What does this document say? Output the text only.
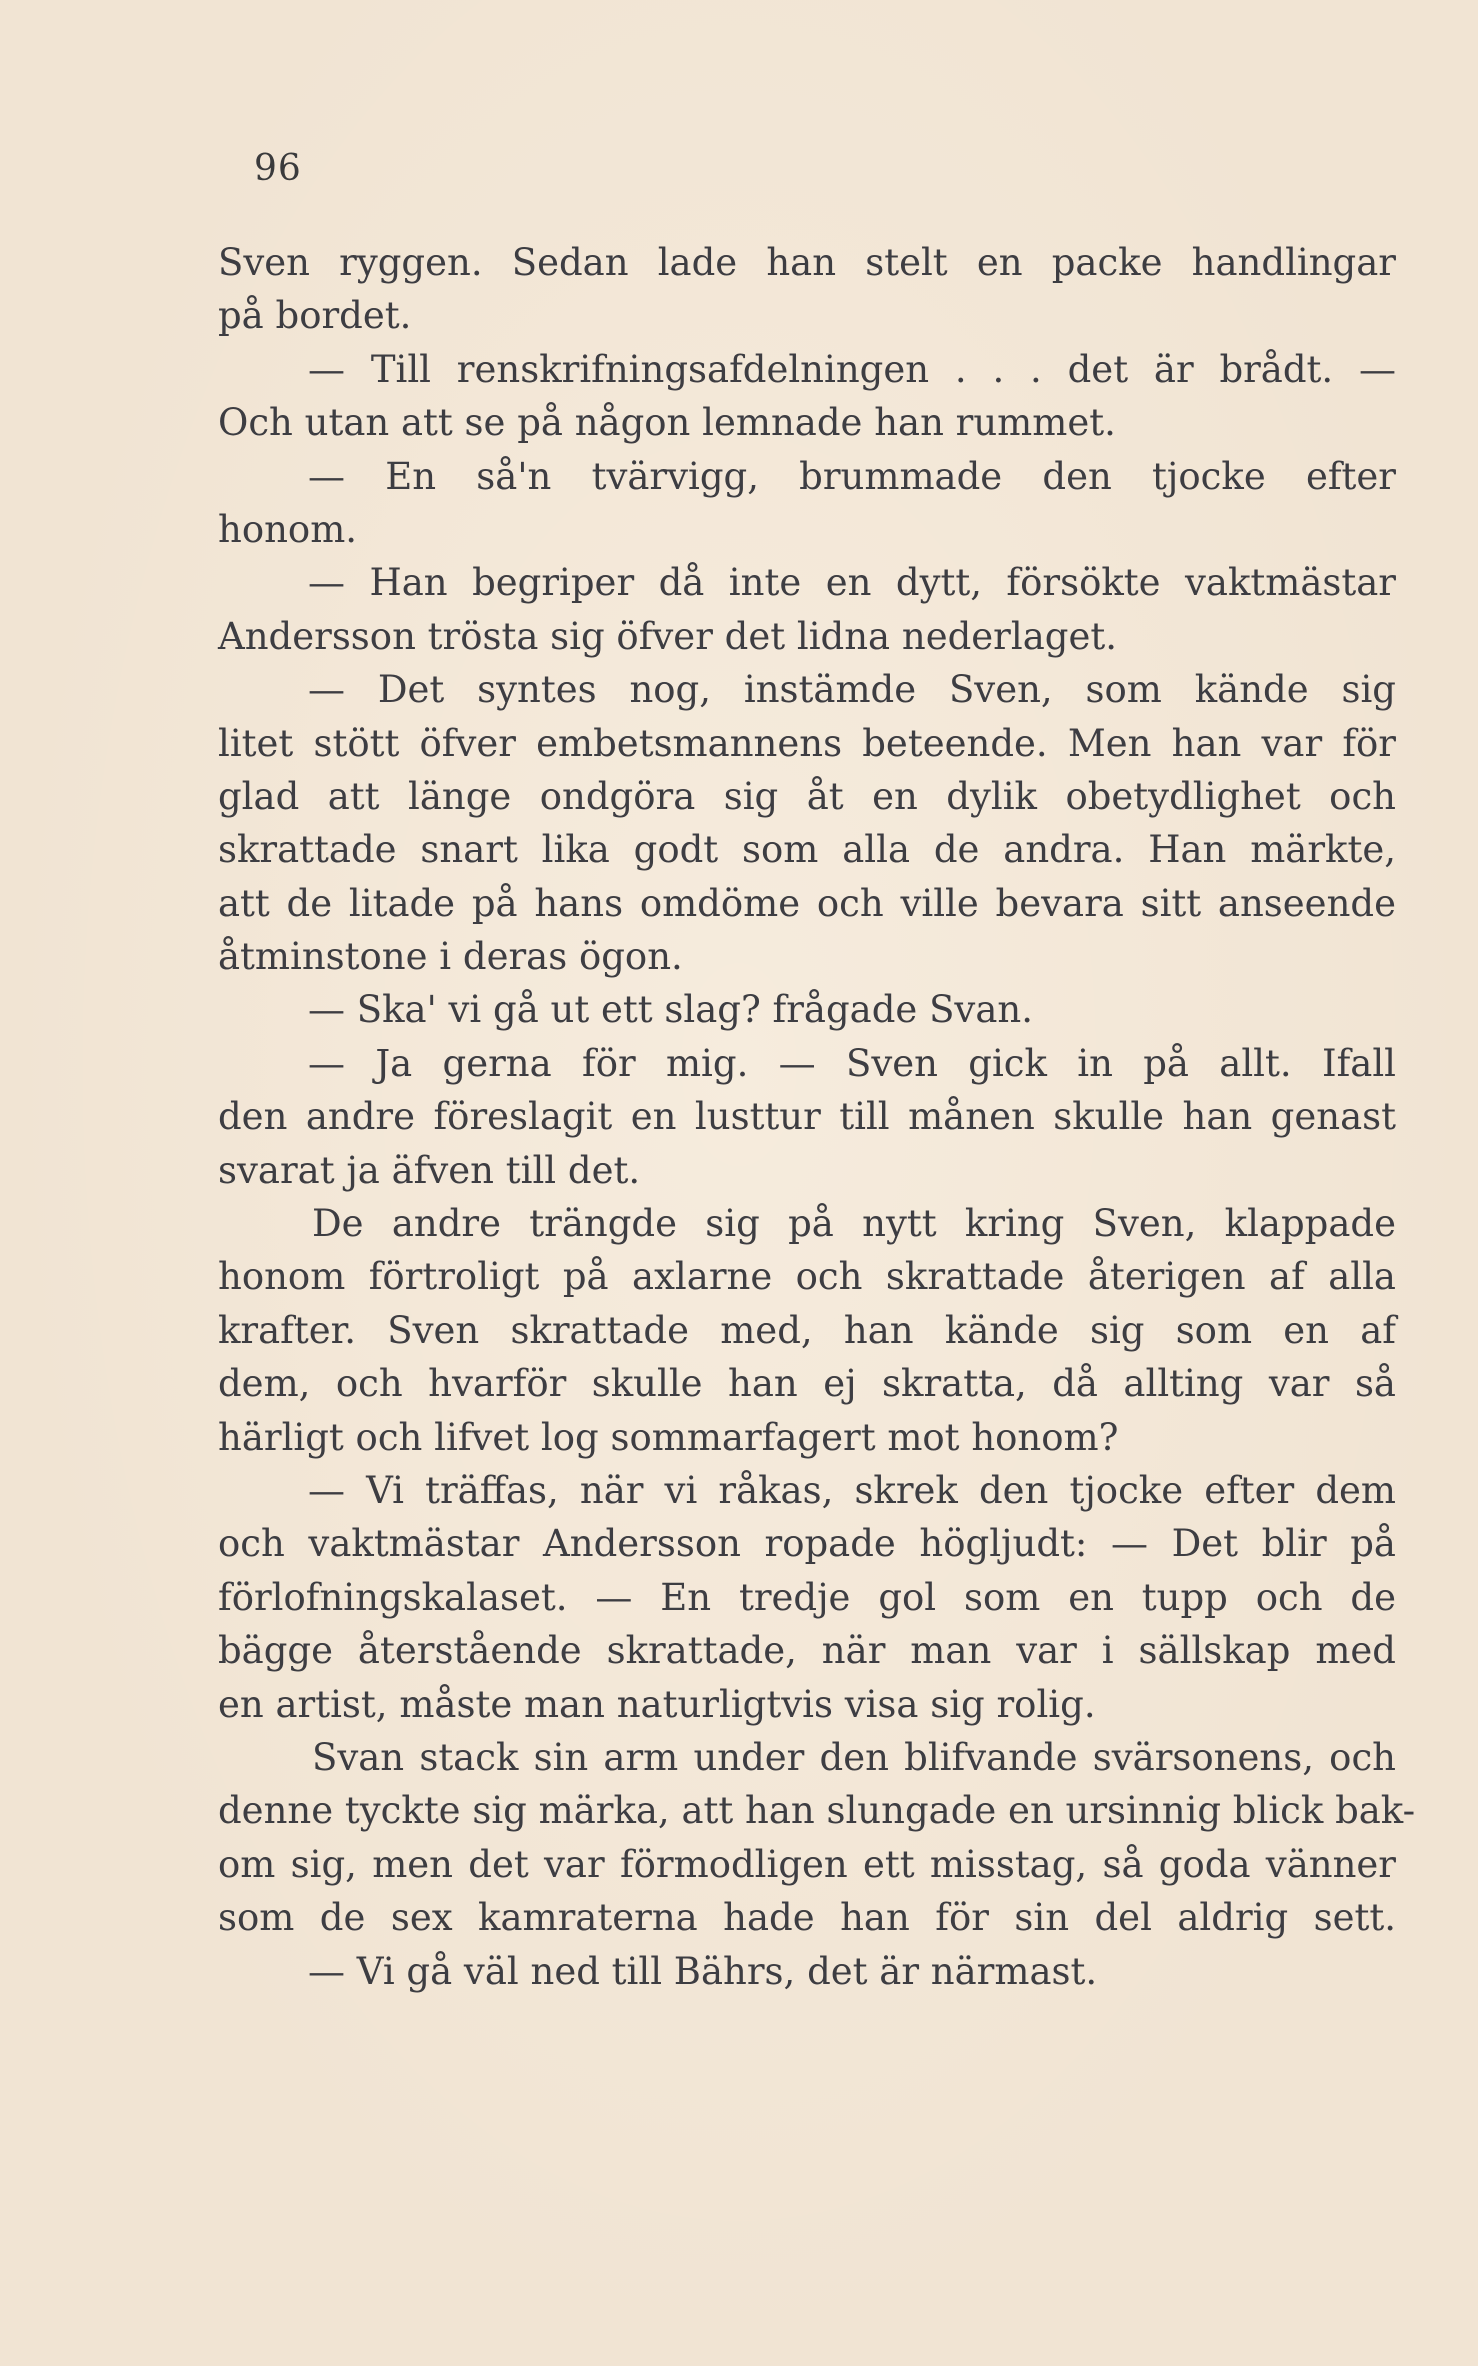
96
Sven ryggen. Sedan lade han stelt en packe handlingar
på bordet.
— Till renskrifningsafdelningen . . . det är brådt. —
Och utan att se på någon lemnade han rummet.
— En så'n tvärvigg, brummade den tjocke efter
honom.
— Han begriper då inte en dytt, försökte vaktmästar
Andersson trösta sig öfver det lidna nederlaget.
— Det syntes nog, instämde Sven, som kände sig
litet stött öfver embetsmannens beteende. Men han var för
glad att länge ondgöra sig åt en dylik obetydlighet och
skrattade snart lika godt som alla de andra. Han märkte,
att de litade på hans omdöme och ville bevara sitt anseende
åtminstone i deras ögon.
— Ska' vi gå ut ett slag? frågade Svan.
— Ja gerna för mig. — Sven gick in på allt. Ifall
den andre föreslagit en lusttur till månen skulle han genast
svarat ja äfven till det.
De andre trängde sig på nytt kring Sven, klappade
honom förtroligt på axlarne och skrattade återigen af alla
krafter. Sven skrattade med, han kände sig som en af
dem, och hvarför skulle han ej skratta, då allting var så
härligt och lifvet log sommarfagert mot honom?
— Vi träffas, när vi råkas, skrek den tjocke efter dem
och vaktmästar Andersson ropade högljudt: — Det blir på
förlofningskalaset. — En tredje gol som en tupp och de
bägge återstående skrattade, när man var i sällskap med
en artist, måste man naturligtvis visa sig rolig.
Svan stack sin arm under den blifvande svärsonens, och
denne tyckte sig märka, att han slungade en ursinnig blick bak-
om sig, men det var förmodligen ett misstag, så goda vänner
som de sex kamraterna hade han för sin del aldrig sett.
— Vi gå väl ned till Bährs, det är närmast.
